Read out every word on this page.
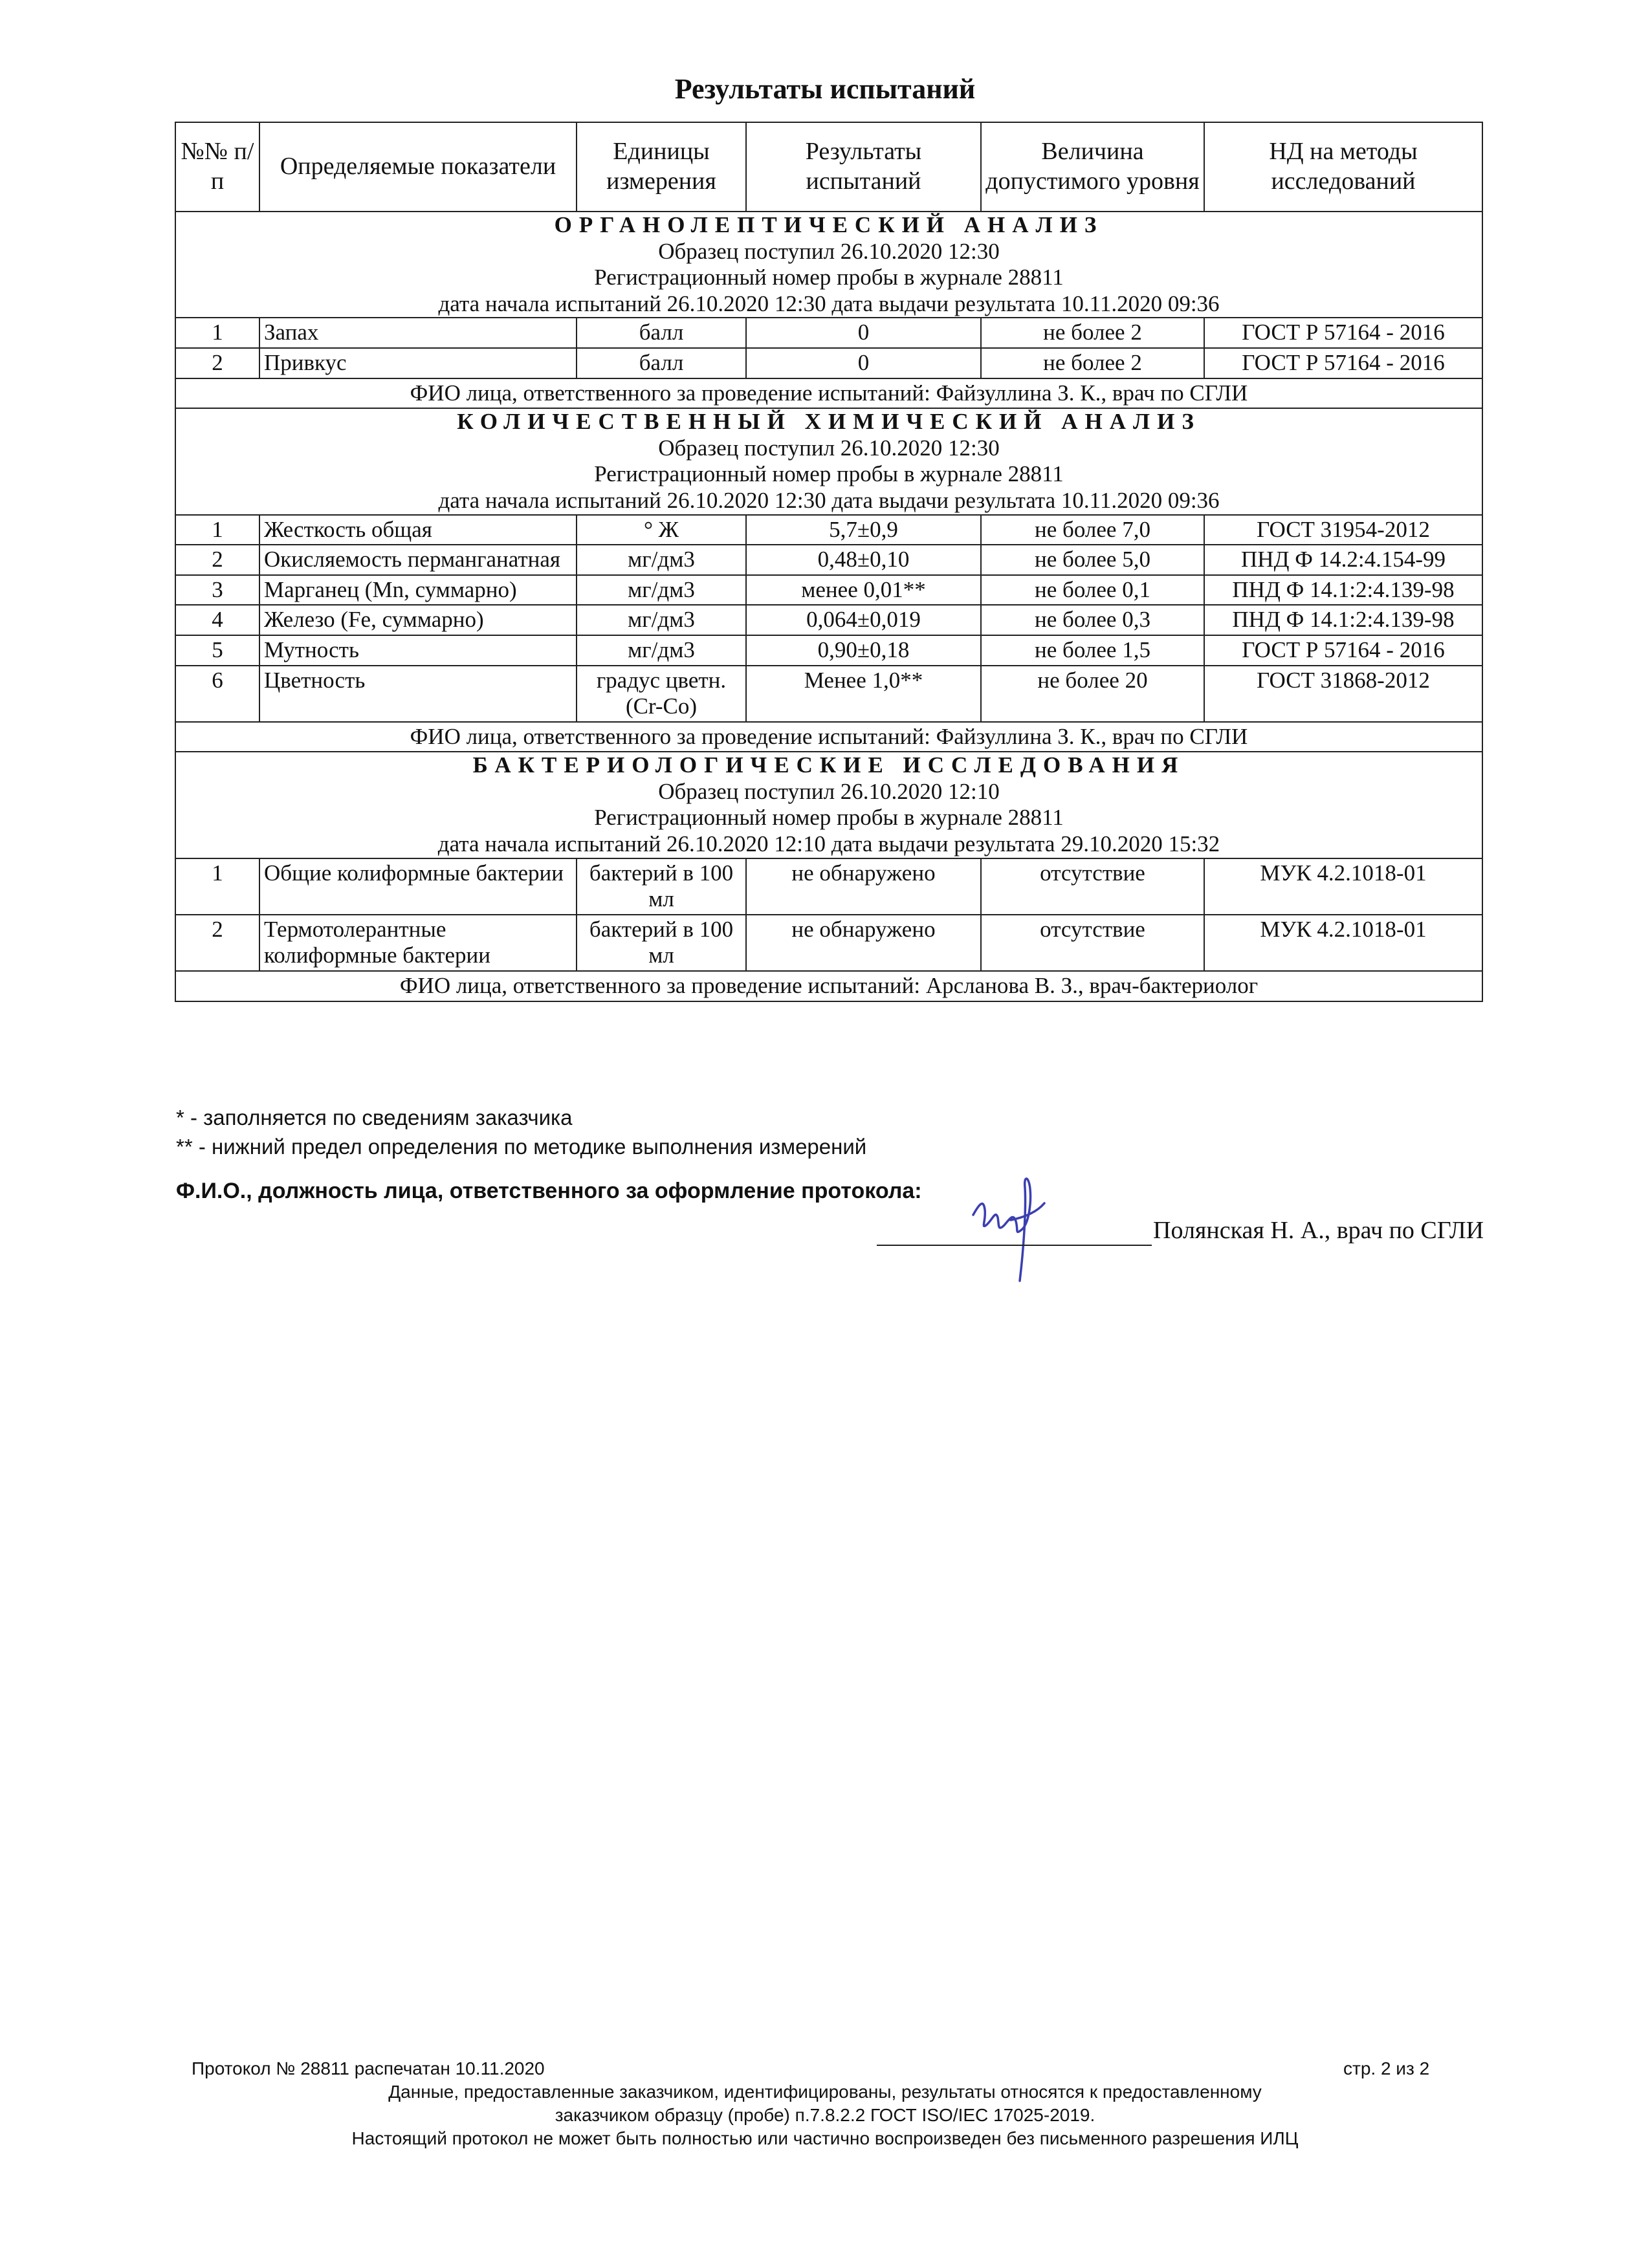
Результаты испытаний
№№ п/п	Определяемые показатели	Единицы измерения	Результаты испытаний	Величина допустимого уровня	НД на методы исследований

ОРГАНОЛЕПТИЧЕСКИЙ АНАЛИЗ
Образец поступил 26.10.2020 12:30
Регистрационный номер пробы в журнале 28811
дата начала испытаний 26.10.2020 12:30 дата выдачи результата 10.11.2020 09:36					

1	Запах	балл	0	не более 2	ГОСТ Р 57164 - 2016
2	Привкус	балл	0	не более 2	ГОСТ Р 57164 - 2016
ФИО лица, ответственного за проведение испытаний: Файзуллина З. К., врач по СГЛИ					

КОЛИЧЕСТВЕННЫЙ ХИМИЧЕСКИЙ АНАЛИЗ
Образец поступил 26.10.2020 12:30
Регистрационный номер пробы в журнале 28811
дата начала испытаний 26.10.2020 12:30 дата выдачи результата 10.11.2020 09:36					

1	Жесткость общая	° Ж	5,7±0,9	не более 7,0	ГОСТ 31954-2012
2	Окисляемость перманганатная	мг/дм3	0,48±0,10	не более 5,0	ПНД Ф 14.2:4.154-99
3	Марганец (Mn, суммарно)	мг/дм3	менее 0,01**	не более 0,1	ПНД Ф 14.1:2:4.139-98
4	Железо (Fe, суммарно)	мг/дм3	0,064±0,019	не более 0,3	ПНД Ф 14.1:2:4.139-98
5	Мутность	мг/дм3	0,90±0,18	не более 1,5	ГОСТ Р 57164 - 2016
6	Цветность	градус цветн.(Cr-Co)	Менее 1,0**	не более 20	ГОСТ 31868-2012
ФИО лица, ответственного за проведение испытаний: Файзуллина З. К., врач по СГЛИ					

БАКТЕРИОЛОГИЧЕСКИЕ ИССЛЕДОВАНИЯ
Образец поступил 26.10.2020 12:10
Регистрационный номер пробы в журнале 28811
дата начала испытаний 26.10.2020 12:10 дата выдачи результата 29.10.2020 15:32					

1	Общие колиформные бактерии	бактерий в 100 мл	не обнаружено	отсутствие	МУК 4.2.1018-01
2	Термотолерантные колиформные бактерии	бактерий в 100 мл	не обнаружено	отсутствие	МУК 4.2.1018-01
ФИО лица, ответственного за проведение испытаний: Арсланова В. З., врач-бактериолог					
* - заполняется по сведениям заказчика
** - нижний предел определения по методике выполнения измерений
Ф.И.О., должность лица, ответственного за оформление протокола:
Полянская Н. А., врач по СГЛИ
Протокол № 28811 распечатан 10.11.2020	стр. 2 из 2
Данные, предоставленные заказчиком, идентифицированы, результаты относятся к предоставленному
заказчиком образцу (пробе) п.7.8.2.2 ГОСТ ISO/IEC 17025-2019.
Настоящий протокол не может быть полностью или частично воспроизведен без письменного разрешения ИЛЦ
